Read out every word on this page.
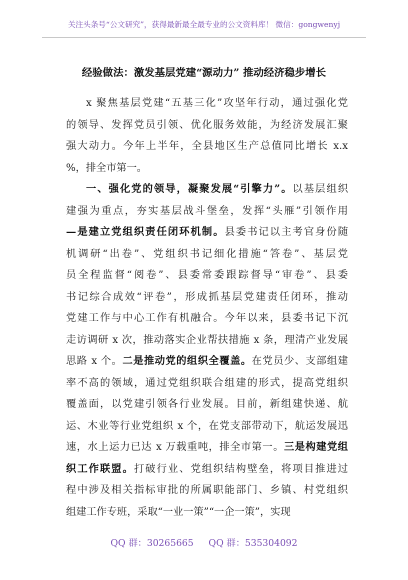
关注头条号“公文研究”，获得最新最全最专业的公文资料库！ 微信：gongwenyj
经验做法：激发基层党建“源动力” 推动经济稳步增长
x 聚焦基层党建“五基三化”攻坚年行动，通过强化党
的领导、发挥党员引领、优化服务效能，为经济发展汇聚
强大动力。今年上半年，全县地区生产总值同比增长 x.x
%，排全市第一。
一、强化党的领导，凝聚发展“引擎力”。以基层组织
建强为重点，夯实基层战斗堡垒，发挥“头雁”引领作用
—是建立党组织责任闭环机制。县委书记以主考官身份随
机调研“出卷”、党组织书记细化措施“答卷”、基层党
员全程监督“阅卷”、县委常委跟踪督导“审卷”、县委
书记综合成效“评卷”，形成抓基层党建责任闭环，推动
党建工作与中心工作有机融合。今年以来，县委书记下沉
走访调研 x 次，推动落实企业帮扶措施 x 条，理清产业发展
思路 x 个。二是推动党的组织全覆盖。在党员少、支部组建
率不高的领域，通过党组织联合组建的形式，提高党组织
覆盖面，以党建引领各行业发展。目前，新组建快递、航
运、木业等行业党组织 x 个，在党支部带动下，航运发展迅
速，水上运力已达 x 万载重吨，排全市第一。三是构建党组
织工作联盟。打破行业、党组织结构壁垒，将项目推进过
程中涉及相关指标审批的所属职能部门、乡镇、村党组织
组建工作专班，采取“一业一策”“一企一策”，实现
QQ 群：30265665 QQ 群：535304092
